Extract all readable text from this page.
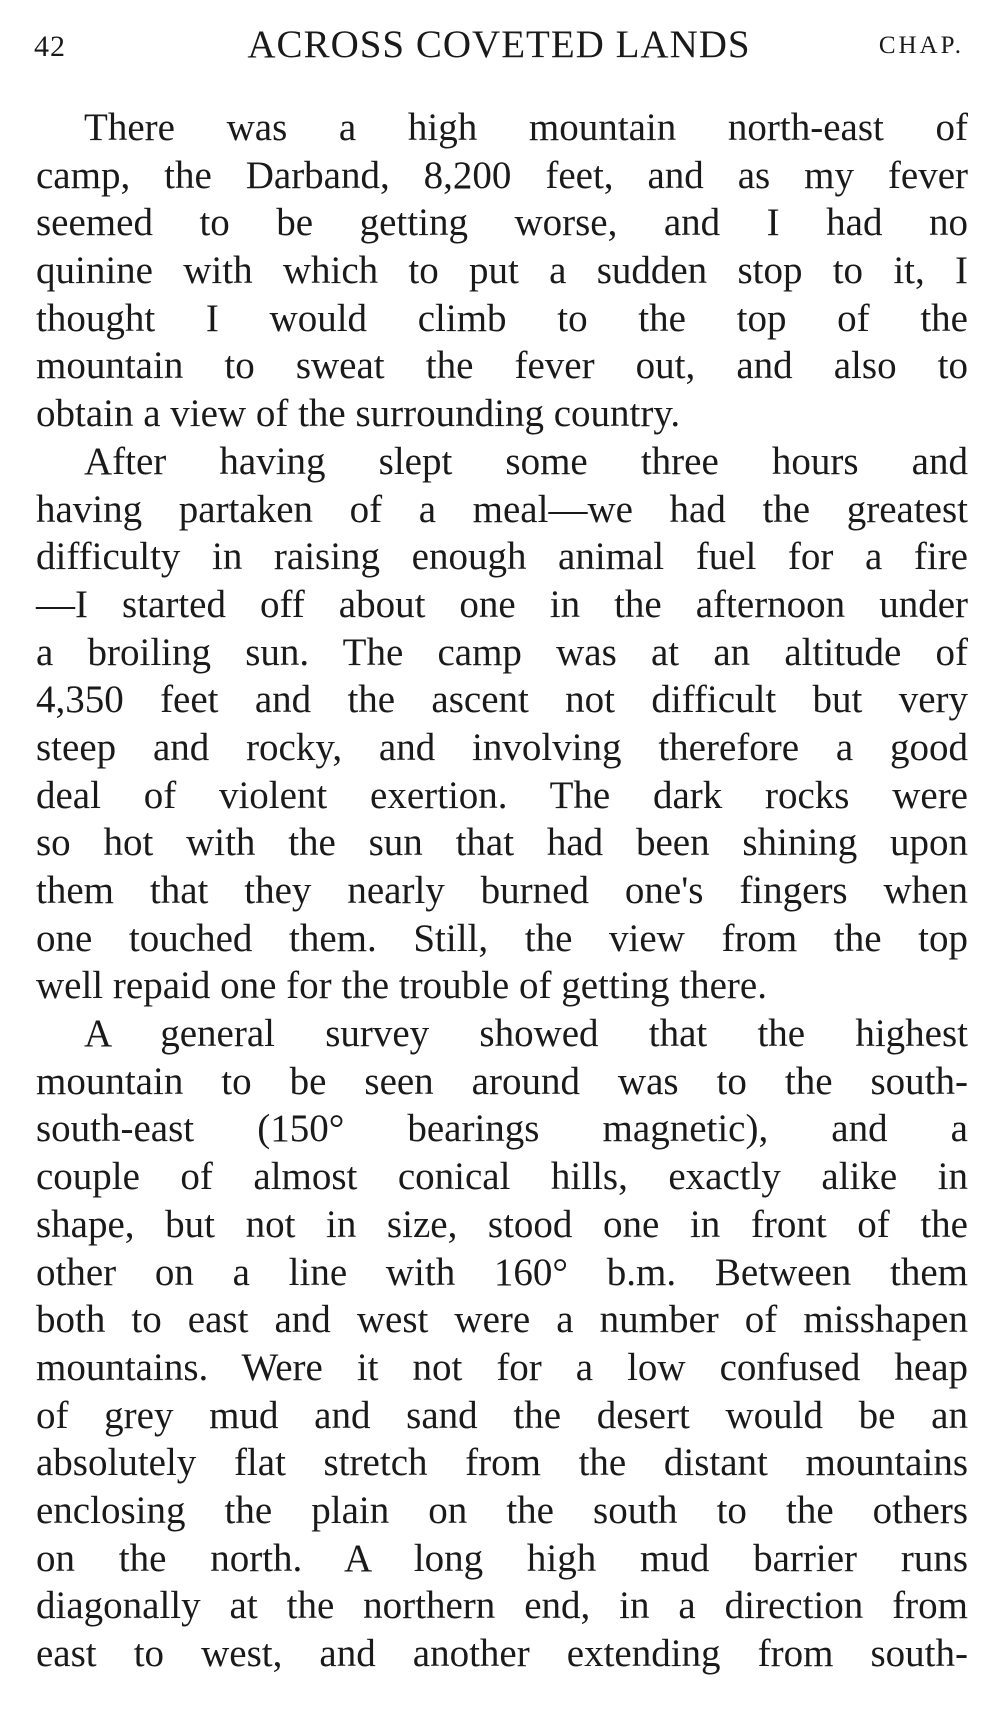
42	ACROSS COVETED LANDS	CHAP.
There was a high mountain north-east of
camp, the Darband, 8,200 feet, and as my fever
seemed to be getting worse, and I had no
quinine with which to put a sudden stop to it, I
thought I would climb to the top of the
mountain to sweat the fever out, and also to
obtain a view of the surrounding country.
After having slept some three hours and
having partaken of a meal—we had the greatest
difficulty in raising enough animal fuel for a fire
—I started off about one in the afternoon under
a broiling sun. The camp was at an altitude of
4,350 feet and the ascent not difficult but very
steep and rocky, and involving therefore a good
deal of violent exertion. The dark rocks were
so hot with the sun that had been shining upon
them that they nearly burned one's fingers when
one touched them. Still, the view from the top
well repaid one for the trouble of getting there.
A general survey showed that the highest
mountain to be seen around was to the south-
south-east (150° bearings magnetic), and a
couple of almost conical hills, exactly alike in
shape, but not in size, stood one in front of the
other on a line with 160° b.m. Between them
both to east and west were a number of misshapen
mountains. Were it not for a low confused heap
of grey mud and sand the desert would be an
absolutely flat stretch from the distant mountains
enclosing the plain on the south to the others
on the north. A long high mud barrier runs
diagonally at the northern end, in a direction from
east to west, and another extending from south-
